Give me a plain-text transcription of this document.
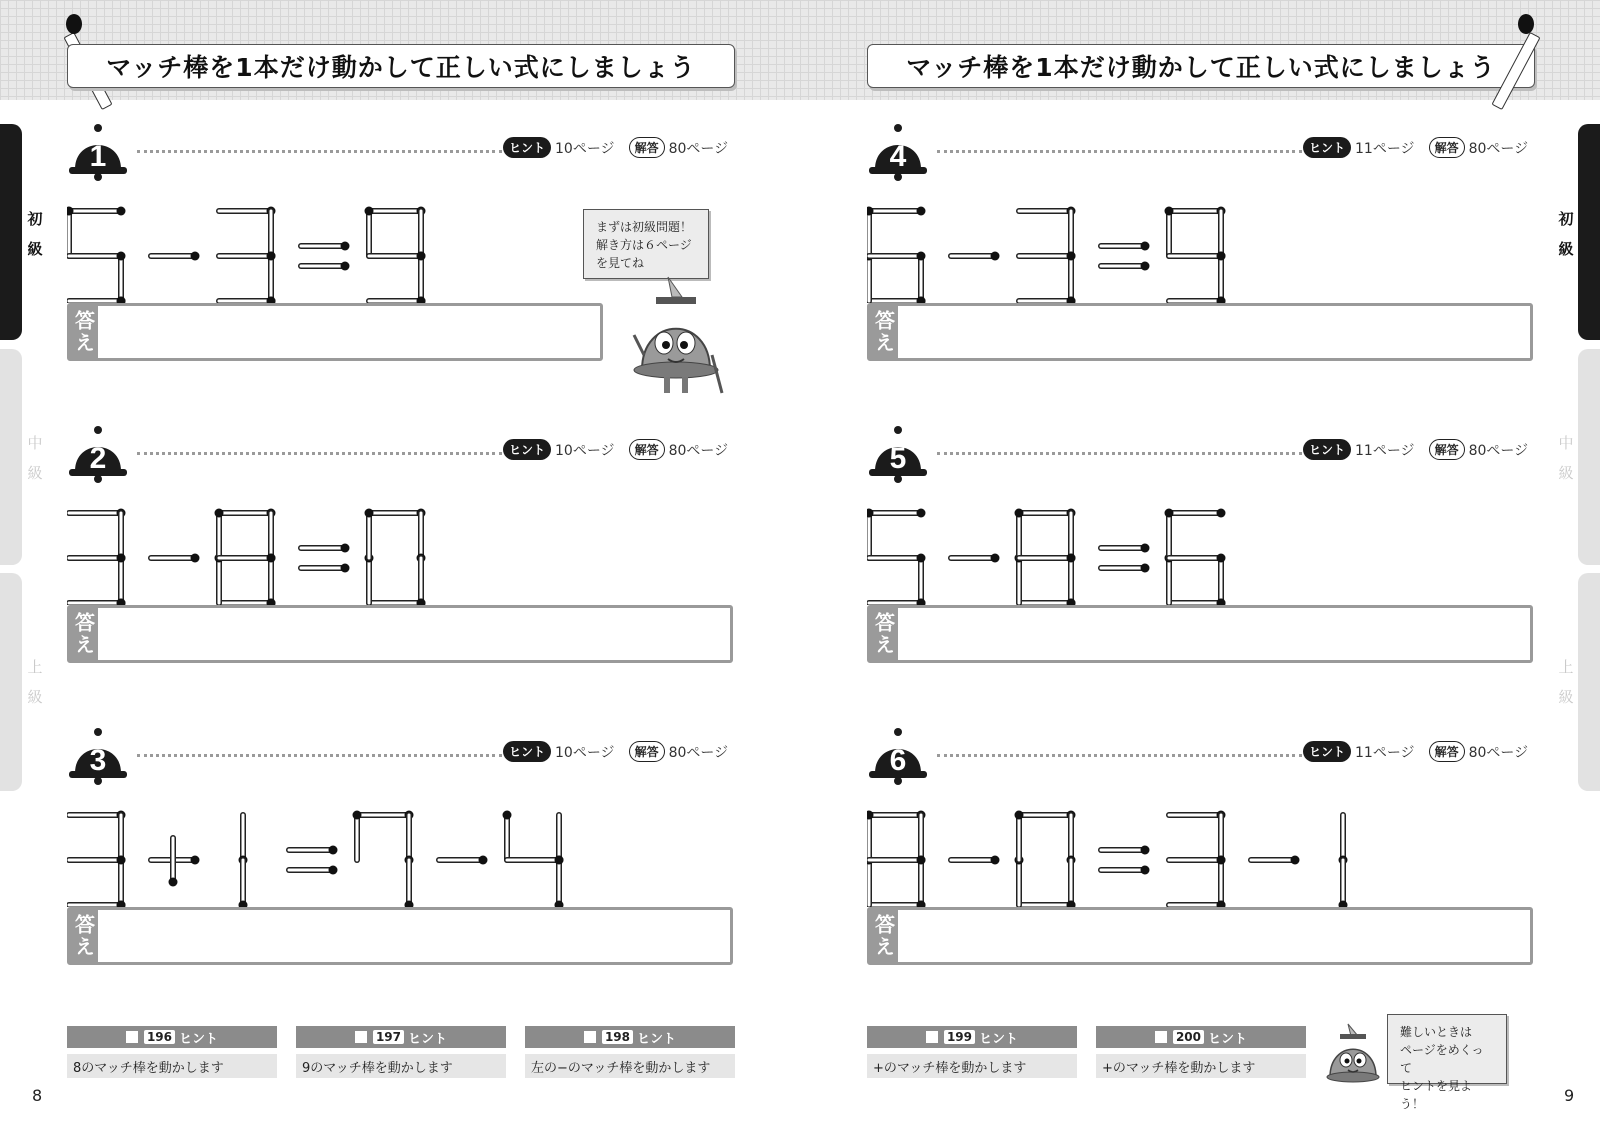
マッチ棒を1本だけ動かして正しい式にしましょう
初
級
中
級
上
級
1	ヒント 10ページ	解答 80ページ
答え
まずは初級問題！
解き方は６ページ
を見てね
2	ヒント 10ページ	解答 80ページ
答え
3	ヒント 10ページ	解答 80ページ
答え
196 ヒント
8のマッチ棒を動かします
197 ヒント
9のマッチ棒を動かします
198 ヒント
左の−のマッチ棒を動かします
8
マッチ棒を1本だけ動かして正しい式にしましょう
初
級
中
級
上
級
4	ヒント 11ページ	解答 80ページ
答え
5	ヒント 11ページ	解答 80ページ
答え
6	ヒント 11ページ	解答 80ページ
答え
199 ヒント
+のマッチ棒を動かします
200 ヒント
+のマッチ棒を動かします
難しいときは
ページをめくって
ヒントを見よう！	9
